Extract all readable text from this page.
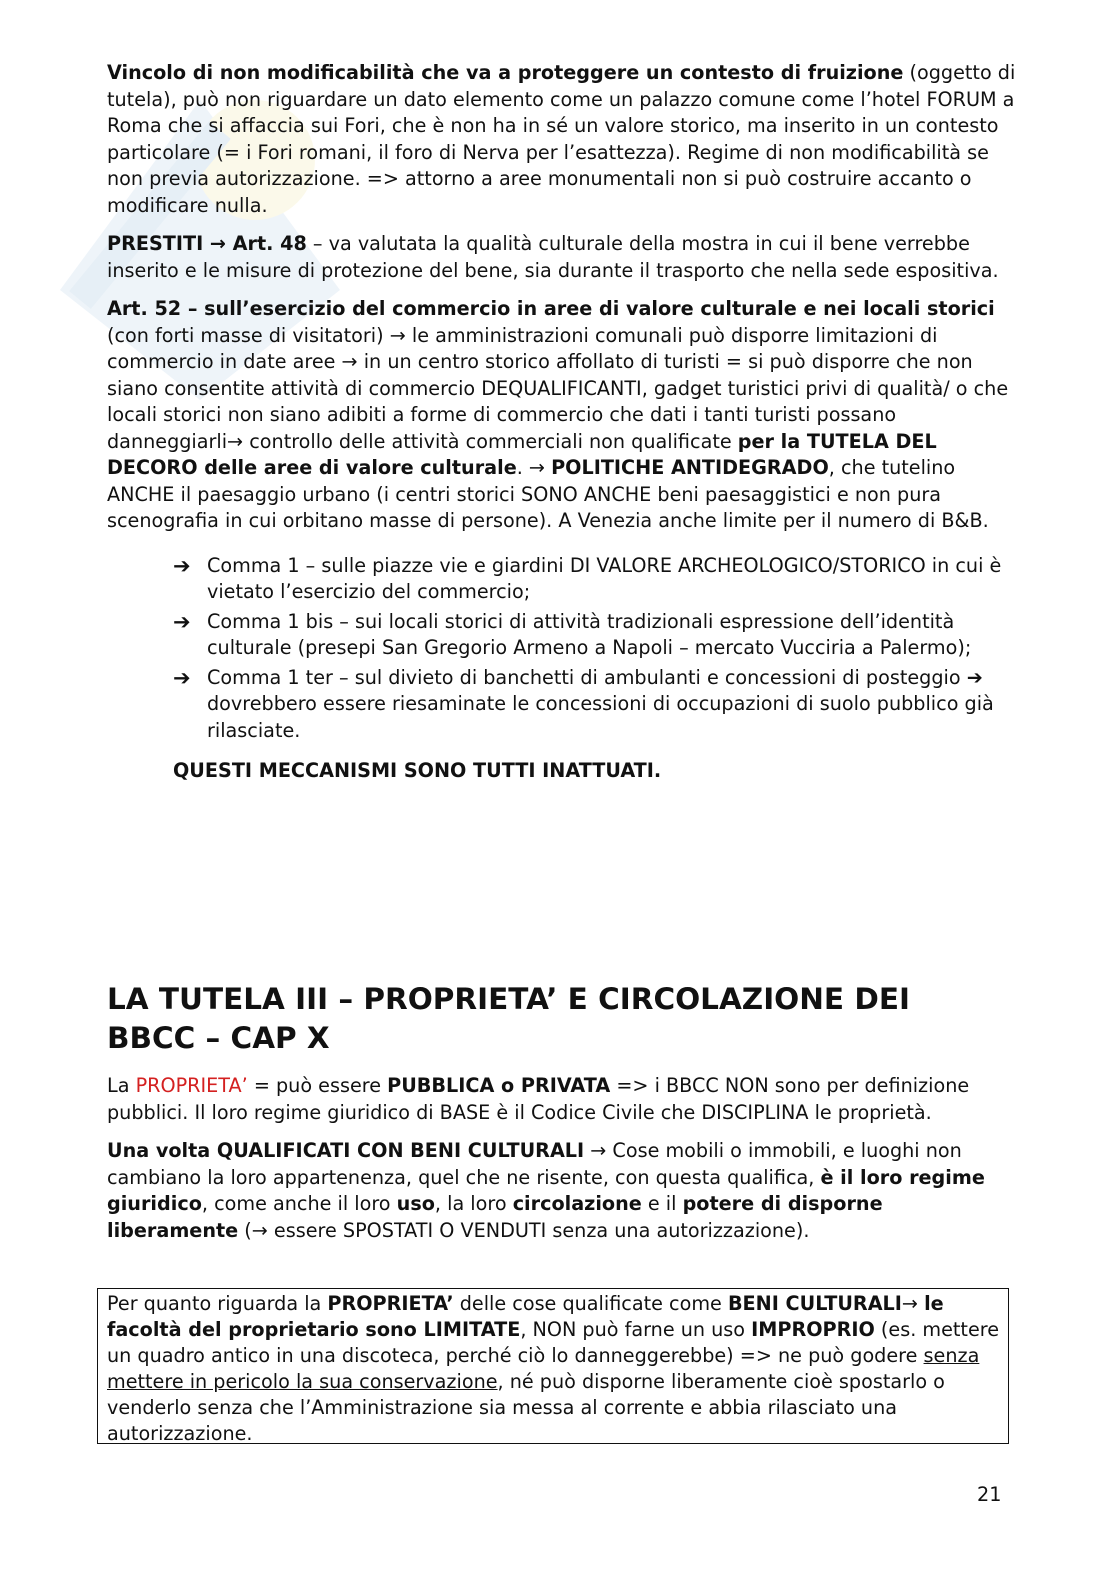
Vincolo di non modificabilità che va a proteggere un contesto di fruizione (oggetto di tutela), può non riguardare un dato elemento come un palazzo comune come l’hotel FORUM a Roma che si affaccia sui Fori, che è non ha in sé un valore storico, ma inserito in un contesto particolare (= i Fori romani, il foro di Nerva per l’esattezza). Regime di non modificabilità se non previa autorizzazione. => attorno a aree monumentali non si può costruire accanto o modificare nulla.

PRESTITI → Art. 48 – va valutata la qualità culturale della mostra in cui il bene verrebbe inserito e le misure di protezione del bene, sia durante il trasporto che nella sede espositiva.

Art. 52 – sull’esercizio del commercio in aree di valore culturale e nei locali storici (con forti masse di visitatori) → le amministrazioni comunali può disporre limitazioni di commercio in date aree → in un centro storico affollato di turisti = si può disporre che non siano consentite attività di commercio DEQUALIFICANTI, gadget turistici privi di qualità/ o che locali storici non siano adibiti a forme di commercio che dati i tanti turisti possano danneggiarli→ controllo delle attività commerciali non qualificate per la TUTELA DEL DECORO delle aree di valore culturale. → POLITICHE ANTIDEGRADO, che tutelino ANCHE il paesaggio urbano (i centri storici SONO ANCHE beni paesaggistici e non pura scenografia in cui orbitano masse di persone). A Venezia anche limite per il numero di B&B.

➔ Comma 1 – sulle piazze vie e giardini DI VALORE ARCHEOLOGICO/STORICO in cui è vietato l’esercizio del commercio;
➔ Comma 1 bis – sui locali storici di attività tradizionali espressione dell’identità culturale (presepi San Gregorio Armeno a Napoli – mercato Vucciria a Palermo);
➔ Comma 1 ter – sul divieto di banchetti di ambulanti e concessioni di posteggio ➔ dovrebbero essere riesaminate le concessioni di occupazioni di suolo pubblico già rilasciate.

QUESTI MECCANISMI SONO TUTTI INATTUATI.

LA TUTELA III – PROPRIETA’ E CIRCOLAZIONE DEI BBCC – CAP X

La PROPRIETA’ = può essere PUBBLICA o PRIVATA => i BBCC NON sono per definizione pubblici. Il loro regime giuridico di BASE è il Codice Civile che DISCIPLINA le proprietà.

Una volta QUALIFICATI CON BENI CULTURALI → Cose mobili o immobili, e luoghi non cambiano la loro appartenenza, quel che ne risente, con questa qualifica, è il loro regime giuridico, come anche il loro uso, la loro circolazione e il potere di disporne liberamente (→ essere SPOSTATI O VENDUTI senza una autorizzazione).

Per quanto riguarda la PROPRIETA’ delle cose qualificate come BENI CULTURALI→ le facoltà del proprietario sono LIMITATE, NON può farne un uso IMPROPRIO (es. mettere un quadro antico in una discoteca, perché ciò lo danneggerebbe) => ne può godere senza mettere in pericolo la sua conservazione, né può disporne liberamente cioè spostarlo o venderlo senza che l’Amministrazione sia messa al corrente e abbia rilasciato una autorizzazione.
21
